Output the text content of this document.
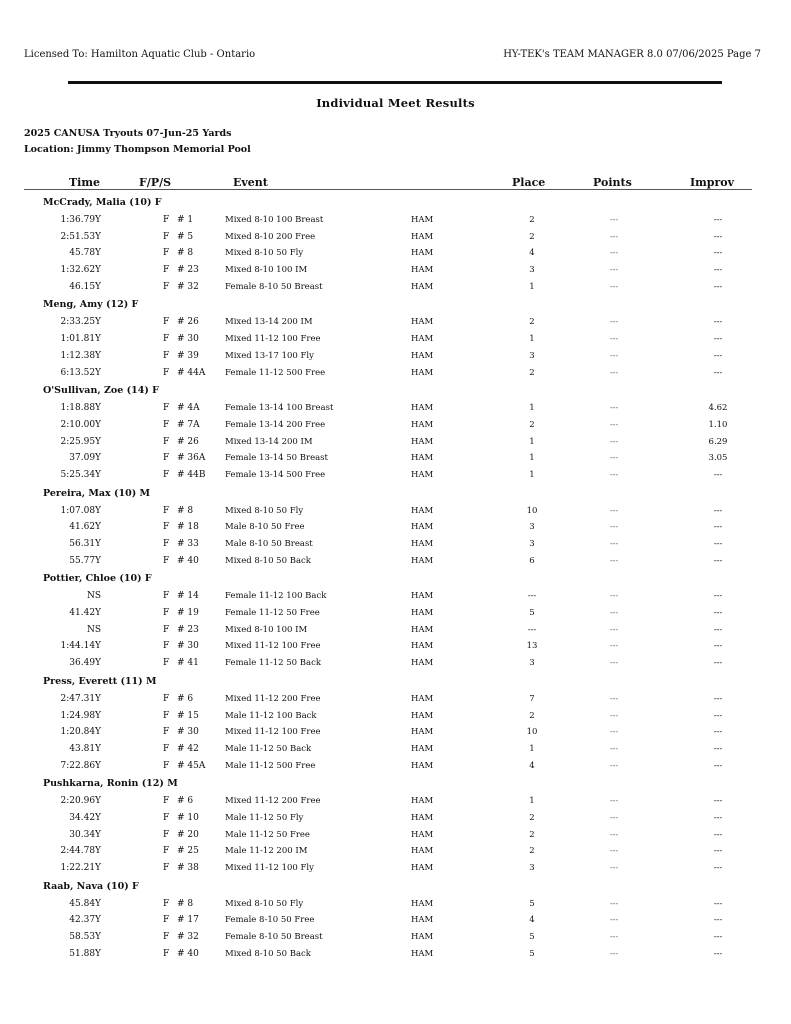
Licensed To: Hamilton Aquatic Club - Ontario	HY-TEK's TEAM MANAGER 8.0 07/06/2025 Page 7
Individual Meet Results
2025 CANUSA Tryouts 07-Jun-25 Yards
Location: Jimmy Thompson Memorial Pool
Time	F/P/S	Event	Place	Points	Improv
McCrady, Malia (10) F
1:36.79Y	F # 1	Mixed 8-10 100 Breast	HAM	2	---	---
2:51.53Y	F # 5	Mixed 8-10 200 Free	HAM	2	---	---
45.78Y	F # 8	Mixed 8-10 50 Fly	HAM	4	---	---
1:32.62Y	F # 23	Mixed 8-10 100 IM	HAM	3	---	---
46.15Y	F # 32	Female 8-10 50 Breast	HAM	1	---	---
Meng, Amy (12) F
2:33.25Y	F # 26	Mixed 13-14 200 IM	HAM	2	---	---
1:01.81Y	F # 30	Mixed 11-12 100 Free	HAM	1	---	---
1:12.38Y	F # 39	Mixed 13-17 100 Fly	HAM	3	---	---
6:13.52Y	F # 44A Female 11-12 500 Free	HAM	2	---	---
O'Sullivan, Zoe (14) F
1:18.88Y	F # 4A	Female 13-14 100 Breast	HAM	1	---	4.62
2:10.00Y	F # 7A	Female 13-14 200 Free	HAM	2	---	1.10
2:25.95Y	F # 26	Mixed 13-14 200 IM	HAM	1	---	6.29
37.09Y	F # 36A Female 13-14 50 Breast	HAM	1	---	3.05
5:25.34Y	F # 44B Female 13-14 500 Free	HAM	1	---	---
Pereira, Max (10) M
1:07.08Y	F # 8	Mixed 8-10 50 Fly	HAM	10	---	---
41.62Y	F # 18	Male 8-10 50 Free	HAM	3	---	---
56.31Y	F # 33	Male 8-10 50 Breast	HAM	3	---	---
55.77Y	F # 40	Mixed 8-10 50 Back	HAM	6	---	---
Pottier, Chloe (10) F
NS	F # 14	Female 11-12 100 Back	HAM	---	---	---
41.42Y	F # 19	Female 11-12 50 Free	HAM	5	---	---
NS	F # 23	Mixed 8-10 100 IM	HAM	---	---	---
1:44.14Y	F # 30	Mixed 11-12 100 Free	HAM	13	---	---
36.49Y	F # 41	Female 11-12 50 Back	HAM	3	---	---
Press, Everett (11) M
2:47.31Y	F # 6	Mixed 11-12 200 Free	HAM	7	---	---
1:24.98Y	F # 15	Male 11-12 100 Back	HAM	2	---	---
1:20.84Y	F # 30	Mixed 11-12 100 Free	HAM	10	---	---
43.81Y	F # 42	Male 11-12 50 Back	HAM	1	---	---
7:22.86Y	F # 45A Male 11-12 500 Free	HAM	4	---	---
Pushkarna, Ronin (12) M
2:20.96Y	F # 6	Mixed 11-12 200 Free	HAM	1	---	---
34.42Y	F # 10	Male 11-12 50 Fly	HAM	2	---	---
30.34Y	F # 20	Male 11-12 50 Free	HAM	2	---	---
2:44.78Y	F # 25	Male 11-12 200 IM	HAM	2	---	---
1:22.21Y	F # 38	Mixed 11-12 100 Fly	HAM	3	---	---
Raab, Nava (10) F
45.84Y	F # 8	Mixed 8-10 50 Fly	HAM	5	---	---
42.37Y	F # 17	Female 8-10 50 Free	HAM	4	---	---
58.53Y	F # 32	Female 8-10 50 Breast	HAM	5	---	---
51.88Y	F # 40	Mixed 8-10 50 Back	HAM	5	---	---
